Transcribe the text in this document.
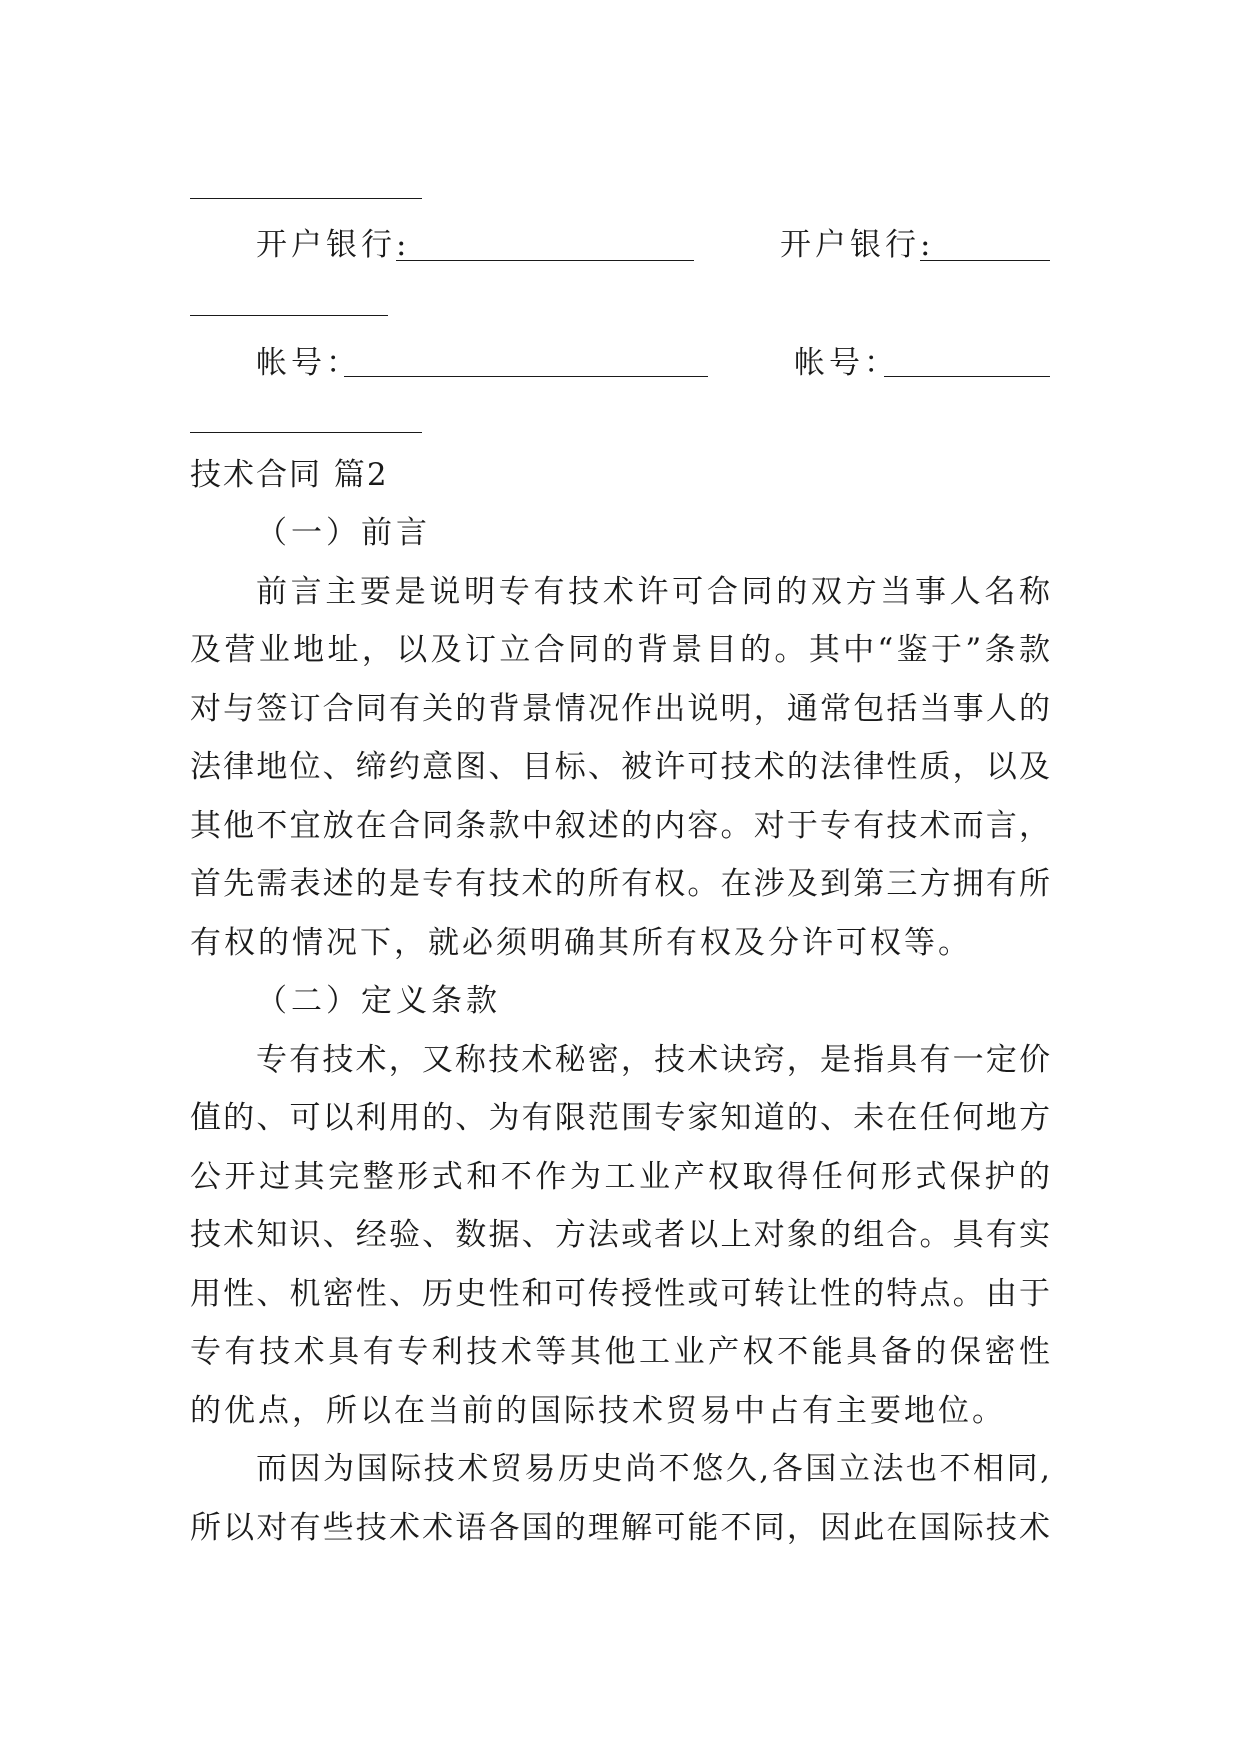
开户银行:	开户银行:
帐号：	帐号：
技术合同 篇2
（一）前言
前言主要是说明专有技术许可合同的双方当事人名称
及营业地址，以及订立合同的背景目的。其中“鉴于”条款
对与签订合同有关的背景情况作出说明，通常包括当事人的
法律地位、缔约意图、目标、被许可技术的法律性质，以及
其他不宜放在合同条款中叙述的内容。对于专有技术而言，
首先需表述的是专有技术的所有权。在涉及到第三方拥有所
有权的情况下，就必须明确其所有权及分许可权等。
（二）定义条款
专有技术，又称技术秘密，技术诀窍，是指具有一定价
值的、可以利用的、为有限范围专家知道的、未在任何地方
公开过其完整形式和不作为工业产权取得任何形式保护的
技术知识、经验、数据、方法或者以上对象的组合。具有实
用性、机密性、历史性和可传授性或可转让性的特点。由于
专有技术具有专利技术等其他工业产权不能具备的保密性
的优点，所以在当前的国际技术贸易中占有主要地位。
而因为国际技术贸易历史尚不悠久,各国立法也不相同,
所以对有些技术术语各国的理解可能不同，因此在国际技术
